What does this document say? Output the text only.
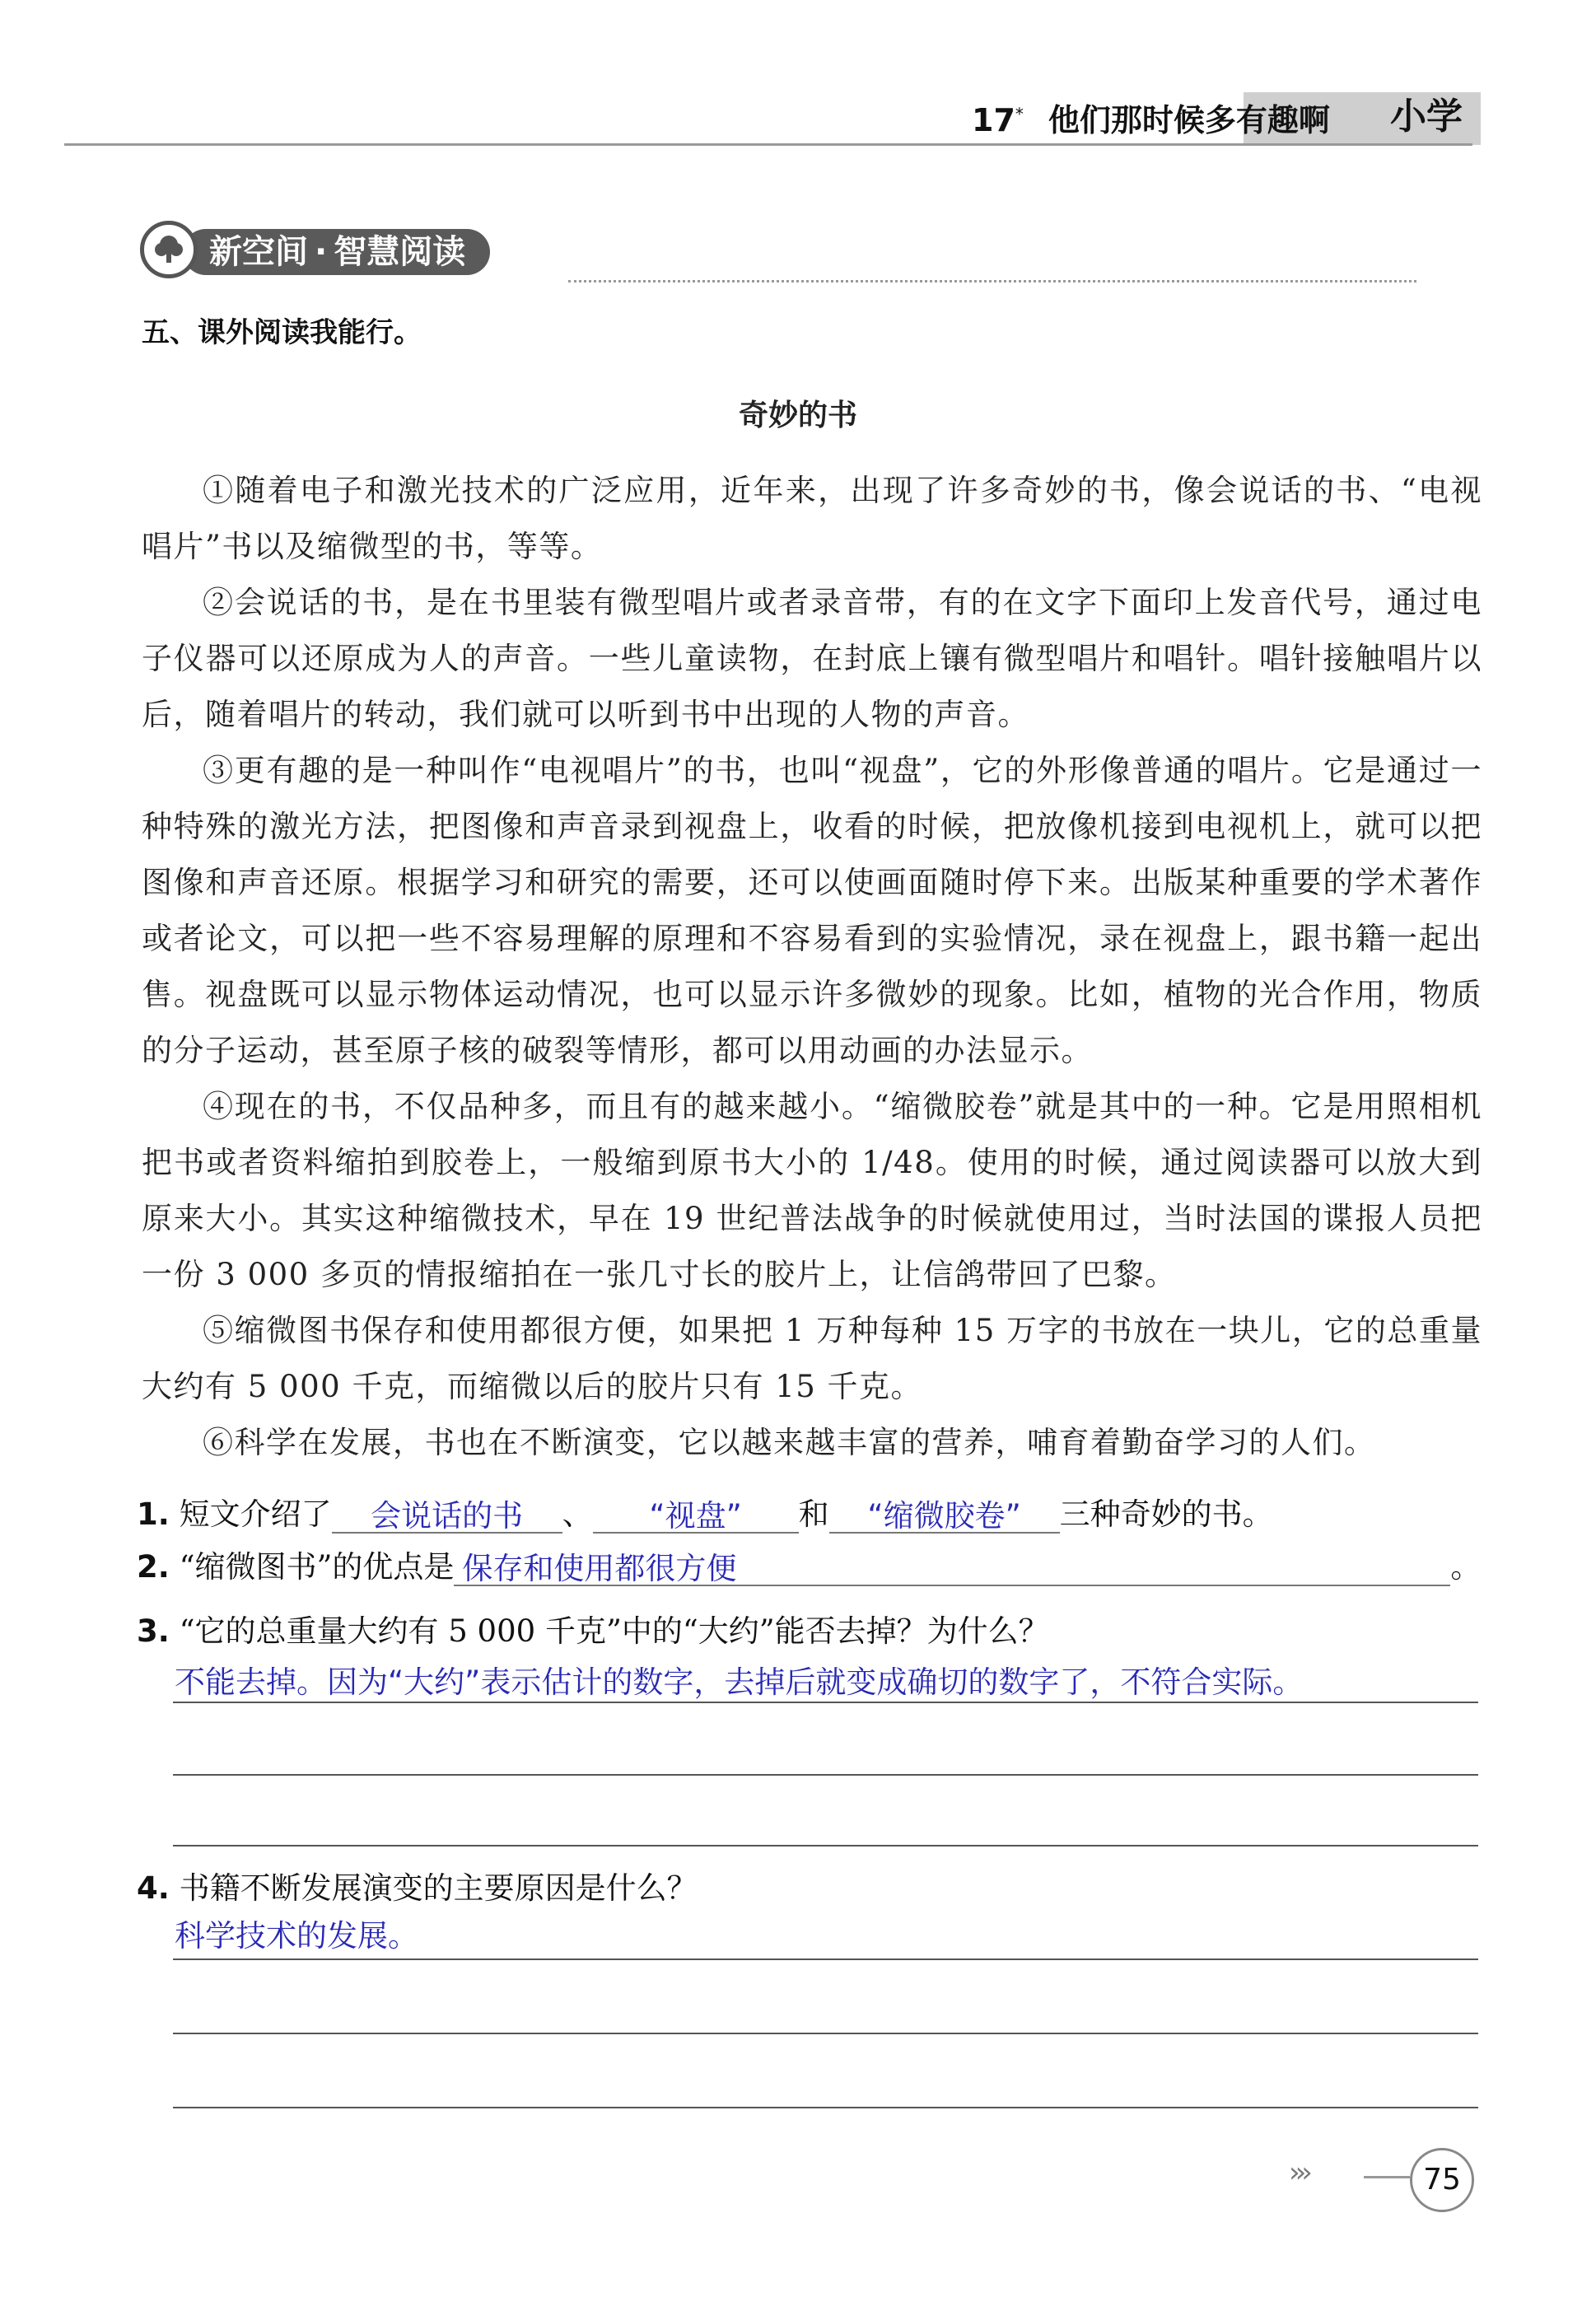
17* 他们那时候多有趣啊 小学
新空间 · 智慧阅读
五、课外阅读我能行。
奇妙的书

①随着电子和激光技术的广泛应用，近年来，出现了许多奇妙的书，像会说话的书、“电视唱片”书以及缩微型的书，等等。

②会说话的书，是在书里装有微型唱片或者录音带，有的在文字下面印上发音代号，通过电子仪器可以还原成为人的声音。一些儿童读物，在封底上镶有微型唱片和唱针。唱针接触唱片以后，随着唱片的转动，我们就可以听到书中出现的人物的声音。

③更有趣的是一种叫作“电视唱片”的书，也叫“视盘”，它的外形像普通的唱片。它是通过一种特殊的激光方法，把图像和声音录到视盘上，收看的时候，把放像机接到电视机上，就可以把图像和声音还原。根据学习和研究的需要，还可以使画面随时停下来。出版某种重要的学术著作或者论文，可以把一些不容易理解的原理和不容易看到的实验情况，录在视盘上，跟书籍一起出售。视盘既可以显示物体运动情况，也可以显示许多微妙的现象。比如，植物的光合作用，物质的分子运动，甚至原子核的破裂等情形，都可以用动画的办法显示。

④现在的书，不仅品种多，而且有的越来越小。“缩微胶卷”就是其中的一种。它是用照相机把书或者资料缩拍到胶卷上，一般缩到原书大小的 1/48。使用的时候，通过阅读器可以放大到原来大小。其实这种缩微技术，早在 19 世纪普法战争的时候就使用过，当时法国的谍报人员把一份 3 000 多页的情报缩拍在一张几寸长的胶片上，让信鸽带回了巴黎。

⑤缩微图书保存和使用都很方便，如果把 1 万种每种 15 万字的书放在一块儿，它的总重量大约有 5 000 千克，而缩微以后的胶片只有 15 千克。

⑥科学在发展，书也在不断演变，它以越来越丰富的营养，哺育着勤奋学习的人们。

1. 短文介绍了 会说话的书 、 “视盘” 和 “缩微胶卷” 三种奇妙的书。
2. “缩微图书”的优点是 保存和使用都很方便	。
3. “它的总重量大约有 5 000 千克”中的“大约”能否去掉？为什么？
不能去掉。因为“大约”表示估计的数字，去掉后就变成确切的数字了，不符合实际。
4. 书籍不断发展演变的主要原因是什么？
科学技术的发展。
›››	75
